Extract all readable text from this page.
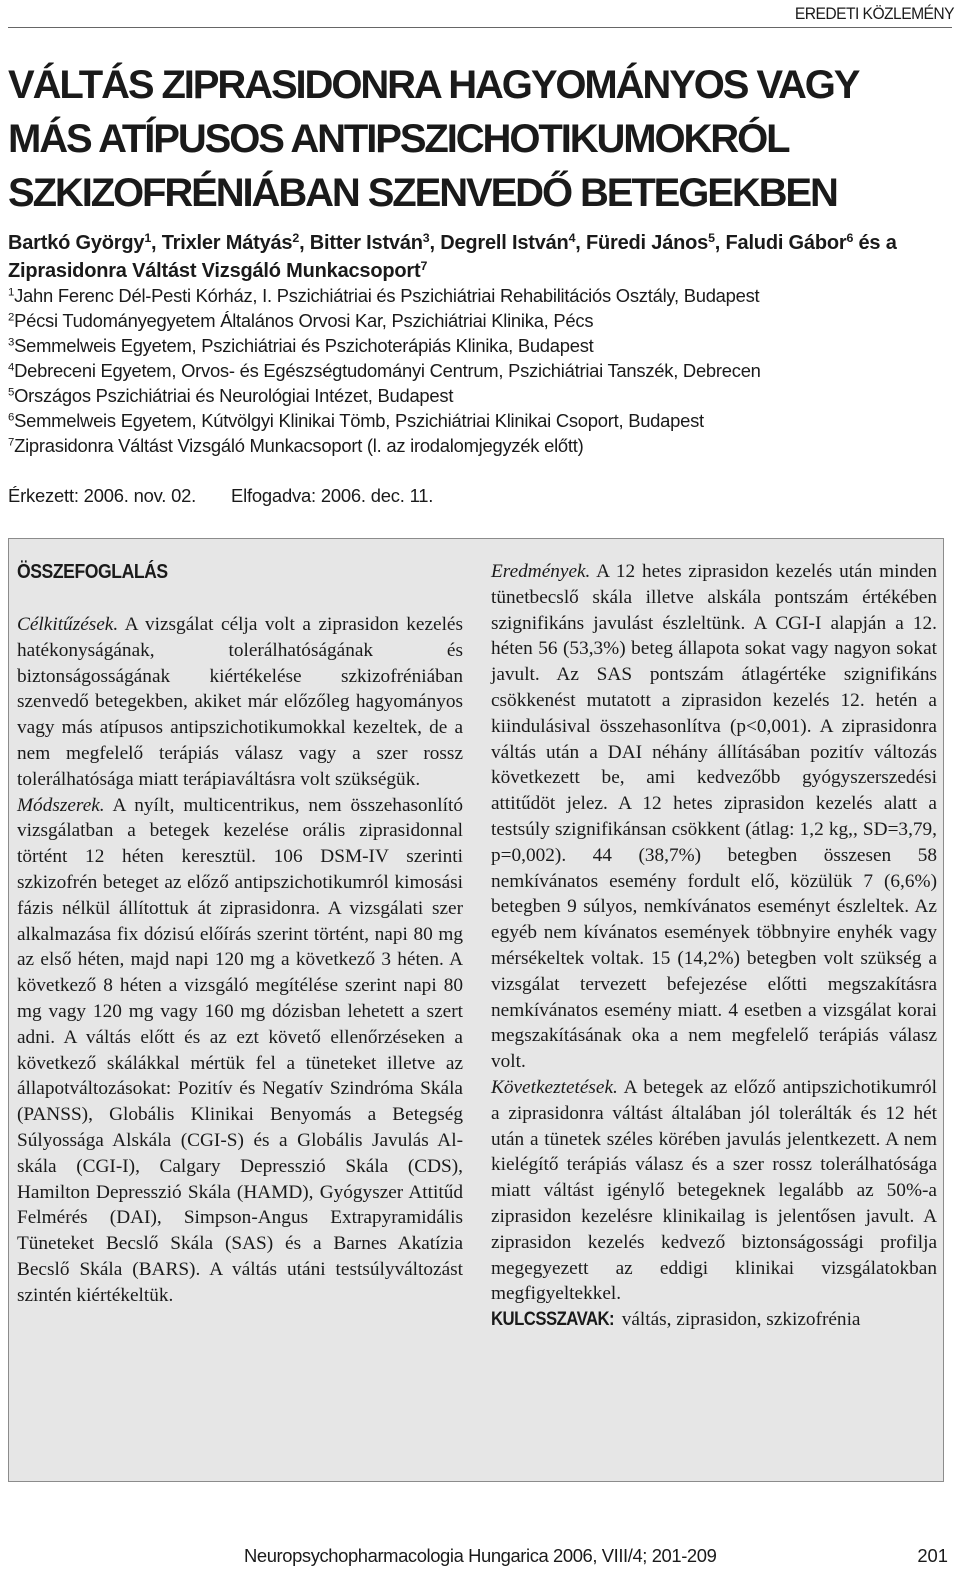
EREDETI KÖZLEMÉNY
VÁLTÁS ZIPRASIDONRA HAGYOMÁNYOS VAGY
MÁS ATÍPUSOS ANTIPSZICHOTIKUMOKRÓL
SZKIZOFRÉNIÁBAN SZENVEDŐ BETEGEKBEN

Bartkó György$^1$, Trixler Mátyás$^2$, Bitter István$^3$, Degrell István$^4$, Füredi János$^5$, Faludi Gábor$^6$ és a Ziprasidonra Váltást Vizsgáló Munkacsoport$^7$

$^1$Jahn Ferenc Dél-Pesti Kórház, I. Pszichiátriai és Pszichiátriai Rehabilitációs Osztály, Budapest
$^2$Pécsi Tudományegyetem Általános Orvosi Kar, Pszichiátriai Klinika, Pécs
$^3$Semmelweis Egyetem, Pszichiátriai és Pszichoterápiás Klinika, Budapest
$^4$Debreceni Egyetem, Orvos- és Egészségtudományi Centrum, Pszichiátriai Tanszék, Debrecen
$^5$Országos Pszichiátriai és Neurológiai Intézet, Budapest
$^6$Semmelweis Egyetem, Kútvölgyi Klinikai Tömb, Pszichiátriai Klinikai Csoport, Budapest
$^7$Ziprasidonra Váltást Vizsgáló Munkacsoport (l. az irodalomjegyzék előtt)
Érkezett: 2006. nov. 02. Elfogadva: 2006. dec. 11.
ÖSSZEFOGLALÁS

Célkitűzések. A vizsgálat célja volt a ziprasidon kezelés hatékonyságának, tolerálhatóságának és biztonságosságának kiértékelése szkizofréniában szenvedő betegekben, akiket már előzőleg hagyományos vagy más atípusos antipszichotikumokkal kezeltek, de a nem megfelelő terápiás válasz vagy a szer rossz tolerálhatósága miatt terápiaváltásra volt szükségük.

Módszerek. A nyílt, multicentrikus, nem összehasonlító vizsgálatban a betegek kezelése orális ziprasidonnal történt 12 héten keresztül. 106 DSM-IV szerinti szkizofrén beteget az előző antipszichotikumról kimosási fázis nélkül állítottuk át ziprasidonra. A vizsgálati szer alkalmazása fix dózisú előírás szerint történt, napi 80 mg az első héten, majd napi 120 mg a következő 3 héten. A következő 8 héten a vizsgáló megítélése szerint napi 80 mg vagy 120 mg vagy 160 mg dózisban lehetett a szert adni. A váltás előtt és az ezt követő ellenőrzéseken a következő skálákkal mértük fel a tüneteket illetve az állapotváltozásokat: Pozitív és Negatív Szindróma Skála (PANSS), Globális Klinikai Benyomás a Betegség Súlyossága Alskála (CGI-S) és a Globális Javulás Alskála (CGI-I), Calgary Depresszió Skála (CDS), Hamilton Depresszió Skála (HAMD), Gyógyszer Attitűd Felmérés (DAI), Simpson-Angus Extrapyramidális Tüneteket Becslő Skála (SAS) és a Barnes Akatízia Becslő Skála (BARS). A váltás utáni testsúlyváltozást szintén kiértékeltük.

Eredmények. A 12 hetes ziprasidon kezelés után minden tünetbecslő skála illetve alskála pontszám értékében szignifikáns javulást észleltünk. A CGI-I alapján a 12. héten 56 (53,3%) beteg állapota sokat vagy nagyon sokat javult. Az SAS pontszám átlagértéke szignifikáns csökkenést mutatott a ziprasidon kezelés 12. hetén a kiindulásival összehasonlítva (p<0,001). A ziprasidonra váltás után a DAI néhány állításában pozitív változás következett be, ami kedvezőbb gyógyszerszedési attitűdöt jelez. A 12 hetes ziprasidon kezelés alatt a testsúly szignifikánsan csökkent (átlag: 1,2 kg,, SD=3,79, p=0,002). 44 (38,7%) betegben összesen 58 nemkívánatos esemény fordult elő, közülük 7 (6,6%) betegben 9 súlyos, nemkívánatos eseményt észleltek. Az egyéb nem kívánatos események többnyire enyhék vagy mérsékeltek voltak. 15 (14,2%) betegben volt szükség a vizsgálat tervezett befejezése előtti megszakításra nemkívánatos esemény miatt. 4 esetben a vizsgálat korai megszakításának oka a nem megfelelő terápiás válasz volt.

Következtetések. A betegek az előző antipszichotikumról a ziprasidonra váltást általában jól tolerálták és 12 hét után a tünetek széles körében javulás jelentkezett. A nem kielégítő terápiás válasz és a szer rossz tolerálhatósága miatt váltást igénylő betegeknek legalább az 50%-a ziprasidon kezelésre klinikailag is jelentősen javult. A ziprasidon kezelés kedvező biztonságossági profilja megegyezett az eddigi klinikai vizsgálatokban megfigyeltekkel.

KULCSSZAVAK: váltás, ziprasidon, szkizofrénia

Neuropsychopharmacologia Hungarica 2006, VIII/4; 201-209	201
